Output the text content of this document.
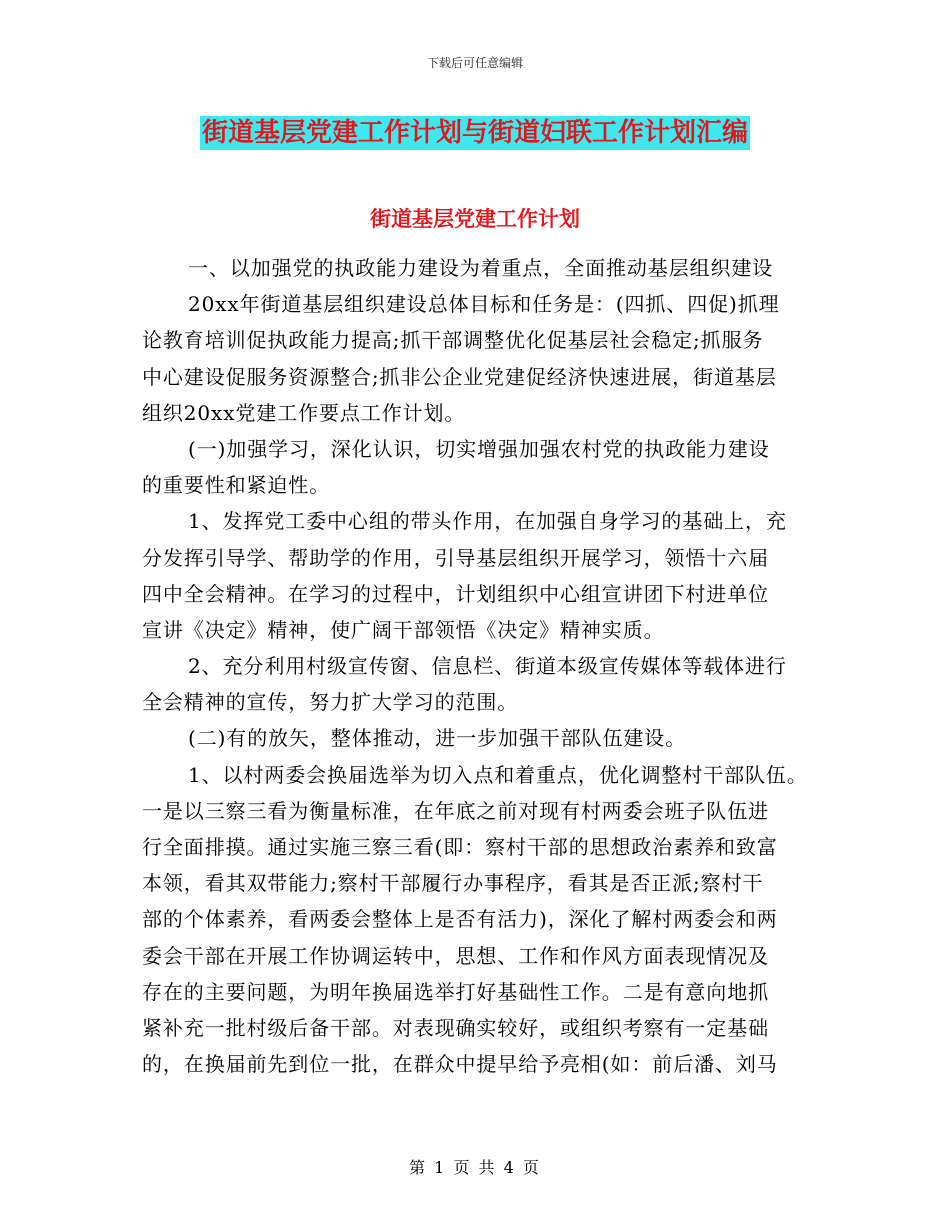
下载后可任意编辑
街道基层党建工作计划与街道妇联工作计划汇编
街道基层党建工作计划
一、以加强党的执政能力建设为着重点，全面推动基层组织建设
20xx年街道基层组织建设总体目标和任务是：(四抓、四促)抓理
论教育培训促执政能力提高;抓干部调整优化促基层社会稳定;抓服务
中心建设促服务资源整合;抓非公企业党建促经济快速进展，街道基层
组织20xx党建工作要点工作计划。
(一)加强学习，深化认识，切实增强加强农村党的执政能力建设
的重要性和紧迫性。
1、发挥党工委中心组的带头作用，在加强自身学习的基础上，充
分发挥引导学、帮助学的作用，引导基层组织开展学习，领悟十六届
四中全会精神。在学习的过程中，计划组织中心组宣讲团下村进单位
宣讲《决定》精神，使广阔干部领悟《决定》精神实质。
2、充分利用村级宣传窗、信息栏、街道本级宣传媒体等载体进行
全会精神的宣传，努力扩大学习的范围。
(二)有的放矢，整体推动，进一步加强干部队伍建设。
1、以村两委会换届选举为切入点和着重点，优化调整村干部队伍。
一是以三察三看为衡量标准，在年底之前对现有村两委会班子队伍进
行全面排摸。通过实施三察三看(即：察村干部的思想政治素养和致富
本领，看其双带能力;察村干部履行办事程序，看其是否正派;察村干
部的个体素养，看两委会整体上是否有活力)，深化了解村两委会和两
委会干部在开展工作协调运转中，思想、工作和作风方面表现情况及
存在的主要问题，为明年换届选举打好基础性工作。二是有意向地抓
紧补充一批村级后备干部。对表现确实较好，或组织考察有一定基础
的，在换届前先到位一批，在群众中提早给予亮相(如：前后潘、刘马
第 1 页 共 4 页
